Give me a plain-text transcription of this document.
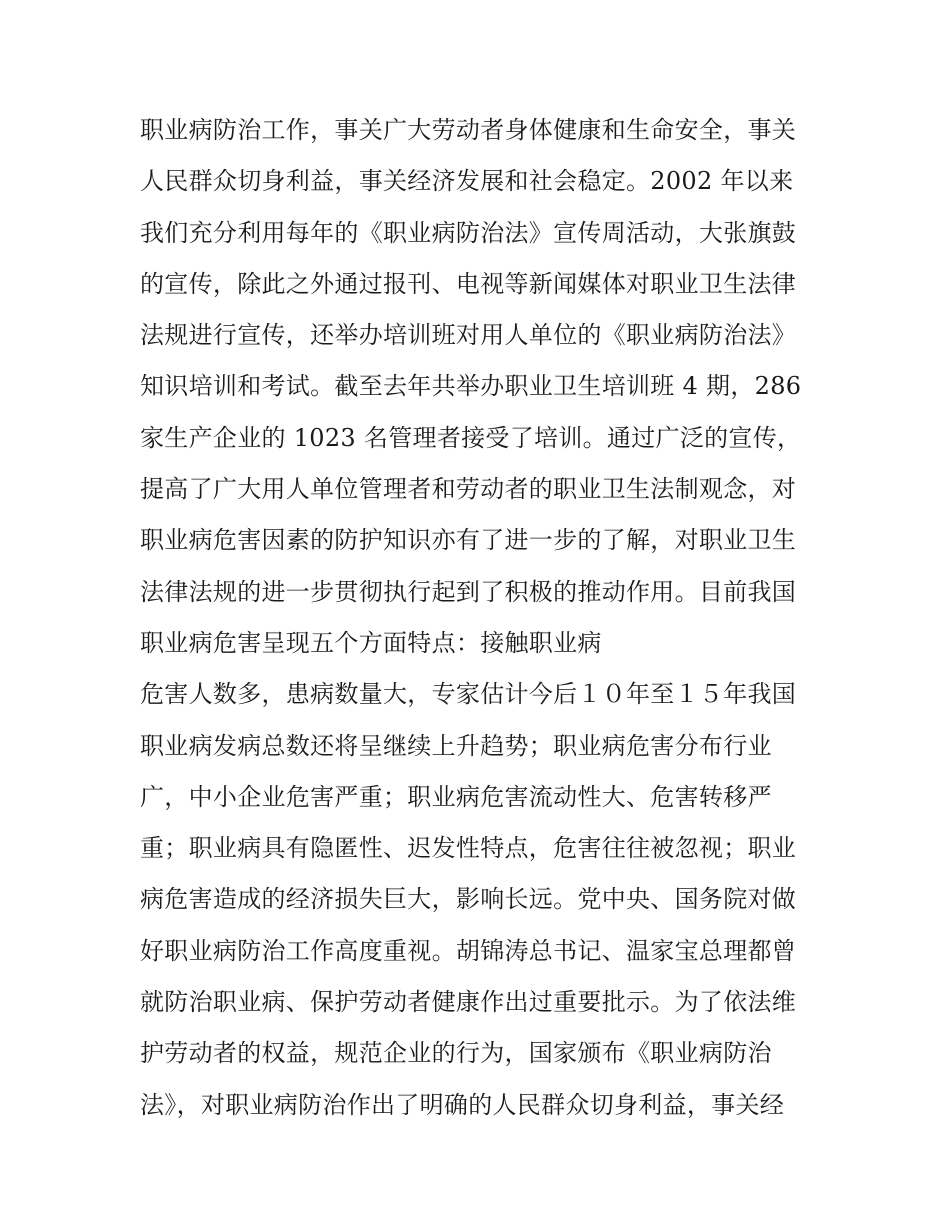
职业病防治工作，事关广大劳动者身体健康和生命安全，事关
人民群众切身利益，事关经济发展和社会稳定。2002 年以来
我们充分利用每年的《职业病防治法》宣传周活动，大张旗鼓
的宣传，除此之外通过报刊、电视等新闻媒体对职业卫生法律
法规进行宣传，还举办培训班对用人单位的《职业病防治法》
知识培训和考试。截至去年共举办职业卫生培训班 4 期，286
家生产企业的 1023 名管理者接受了培训。通过广泛的宣传，
提高了广大用人单位管理者和劳动者的职业卫生法制观念，对
职业病危害因素的防护知识亦有了进一步的了解，对职业卫生
法律法规的进一步贯彻执行起到了积极的推动作用。目前我国
职业病危害呈现五个方面特点：接触职业病
危害人数多，患病数量大，专家估计今后１０年至１５年我国
职业病发病总数还将呈继续上升趋势；职业病危害分布行业
广，中小企业危害严重；职业病危害流动性大、危害转移严
重；职业病具有隐匿性、迟发性特点，危害往往被忽视；职业
病危害造成的经济损失巨大，影响长远。党中央、国务院对做
好职业病防治工作高度重视。胡锦涛总书记、温家宝总理都曾
就防治职业病、保护劳动者健康作出过重要批示。为了依法维
护劳动者的权益，规范企业的行为，国家颁布《职业病防治
法》，对职业病防治作出了明确的人民群众切身利益，事关经
